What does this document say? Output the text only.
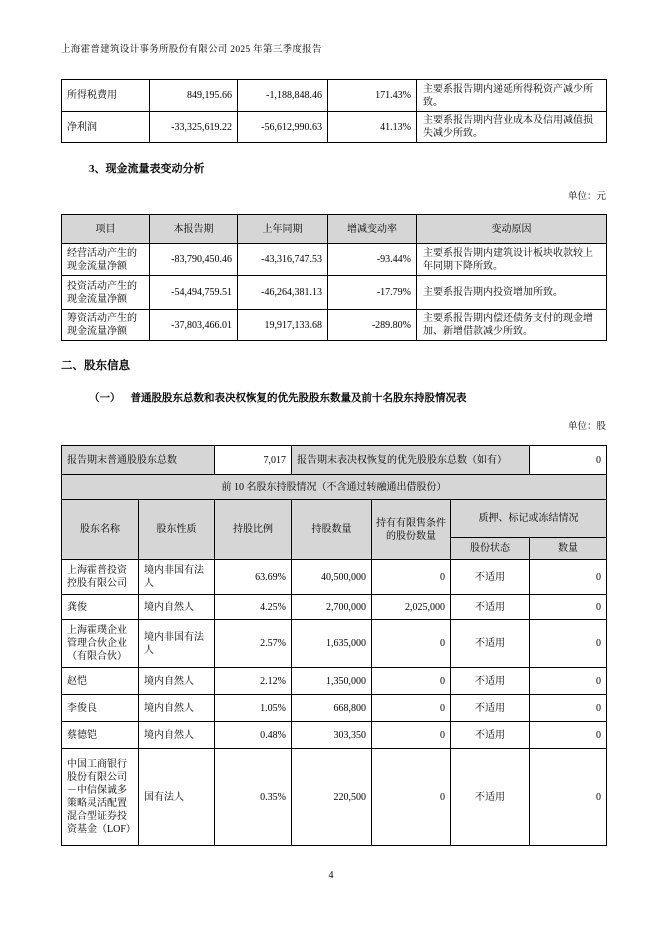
上海霍普建筑设计事务所股份有限公司 2025 年第三季度报告
所得税费用	849,195.66	-1,188,848.46	171.43%	主要系报告期内递延所得税资产减少所致。
净利润	-33,325,619.22	-56,612,990.63	41.13%	主要系报告期内营业成本及信用减值损失减少所致。
3、现金流量表变动分析
单位：元
项目	本报告期	上年同期	增减变动率	变动原因
经营活动产生的现金流量净额	-83,790,450.46	-43,316,747.53	-93.44%	主要系报告期内建筑设计板块收款较上年同期下降所致。
投资活动产生的现金流量净额	-54,494,759.51	-46,264,381.13	-17.79%	主要系报告期内投资增加所致。
筹资活动产生的现金流量净额	-37,803,466.01	19,917,133.68	-289.80%	主要系报告期内偿还债务支付的现金增加、新增借款减少所致。
二、股东信息
（一） 普通股股东总数和表决权恢复的优先股股东数量及前十名股东持股情况表
单位：股
报告期末普通股股东总数		7,017	报告期末表决权恢复的优先股股东总数（如有）			0
前 10 名股东持股情况（不含通过转融通出借股份）						
股东名称	股东性质	持股比例	持股数量	持有有限售条件的股份数量	质押、标记或冻结情况	
					股份状态	数量
上海霍普投资控股有限公司	境内非国有法人	63.69%	40,500,000	0	不适用	0
龚俊	境内自然人	4.25%	2,700,000	2,025,000	不适用	0
上海霍璞企业管理合伙企业（有限合伙）	境内非国有法人	2.57%	1,635,000	0	不适用	0
赵恺	境内自然人	2.12%	1,350,000	0	不适用	0
李俊良	境内自然人	1.05%	668,800	0	不适用	0
蔡德铠	境内自然人	0.48%	303,350	0	不适用	0
中国工商银行股份有限公司－中信保诚多策略灵活配置混合型证券投资基金（LOF）	国有法人	0.35%	220,500	0	不适用	0
4
